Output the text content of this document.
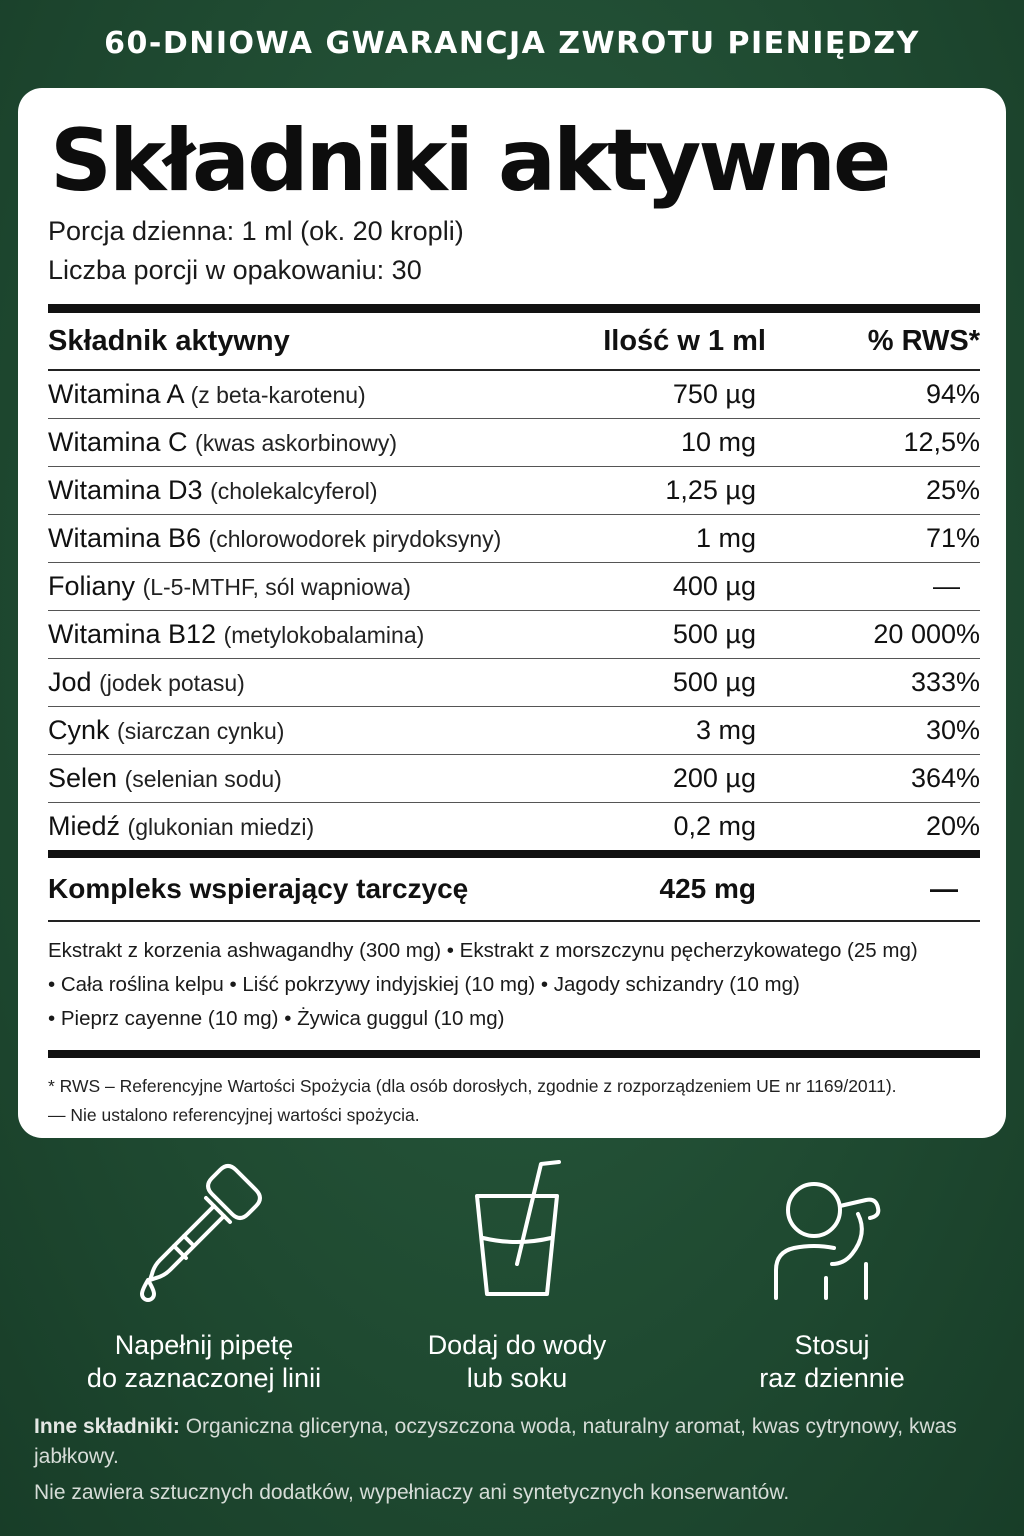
60-DNIOWA GWARANCJA ZWROTU PIENIĘDZY
Składniki aktywne
Porcja dzienna: 1 ml (ok. 20 kropli)
Liczba porcji w opakowaniu: 30
Składnik aktywny	Ilość w 1 ml	% RWS*
Witamina A (z beta-karotenu)	750 µg	94%
Witamina C (kwas askorbinowy)	10 mg	12,5%
Witamina D3 (cholekalcyferol)	1,25 µg	25%
Witamina B6 (chlorowodorek pirydoksyny)	1 mg	71%
Foliany (L-5-MTHF, sól wapniowa)	400 µg	—
Witamina B12 (metylokobalamina)	500 µg	20 000%
Jod (jodek potasu)	500 µg	333%
Cynk (siarczan cynku)	3 mg	30%
Selen (selenian sodu)	200 µg	364%
Miedź (glukonian miedzi)	0,2 mg	20%
Kompleks wspierający tarczycę	425 mg	—
Ekstrakt z korzenia ashwagandhy (300 mg) • Ekstrakt z morszczynu pęcherzykowatego (25 mg)
• Cała roślina kelpu • Liść pokrzywy indyjskiej (10 mg) • Jagody schizandry (10 mg)
• Pieprz cayenne (10 mg) • Żywica guggul (10 mg)
* RWS – Referencyjne Wartości Spożycia (dla osób dorosłych, zgodnie z rozporządzeniem UE nr 1169/2011).
— Nie ustalono referencyjnej wartości spożycia.
Napełnij pipetę
do zaznaczonej linii
Dodaj do wody
lub soku
Stosuj
raz dziennie

Inne składniki: Organiczna gliceryna, oczyszczona woda, naturalny aromat, kwas cytrynowy, kwas jabłkowy.

Nie zawiera sztucznych dodatków, wypełniaczy ani syntetycznych konserwantów.
